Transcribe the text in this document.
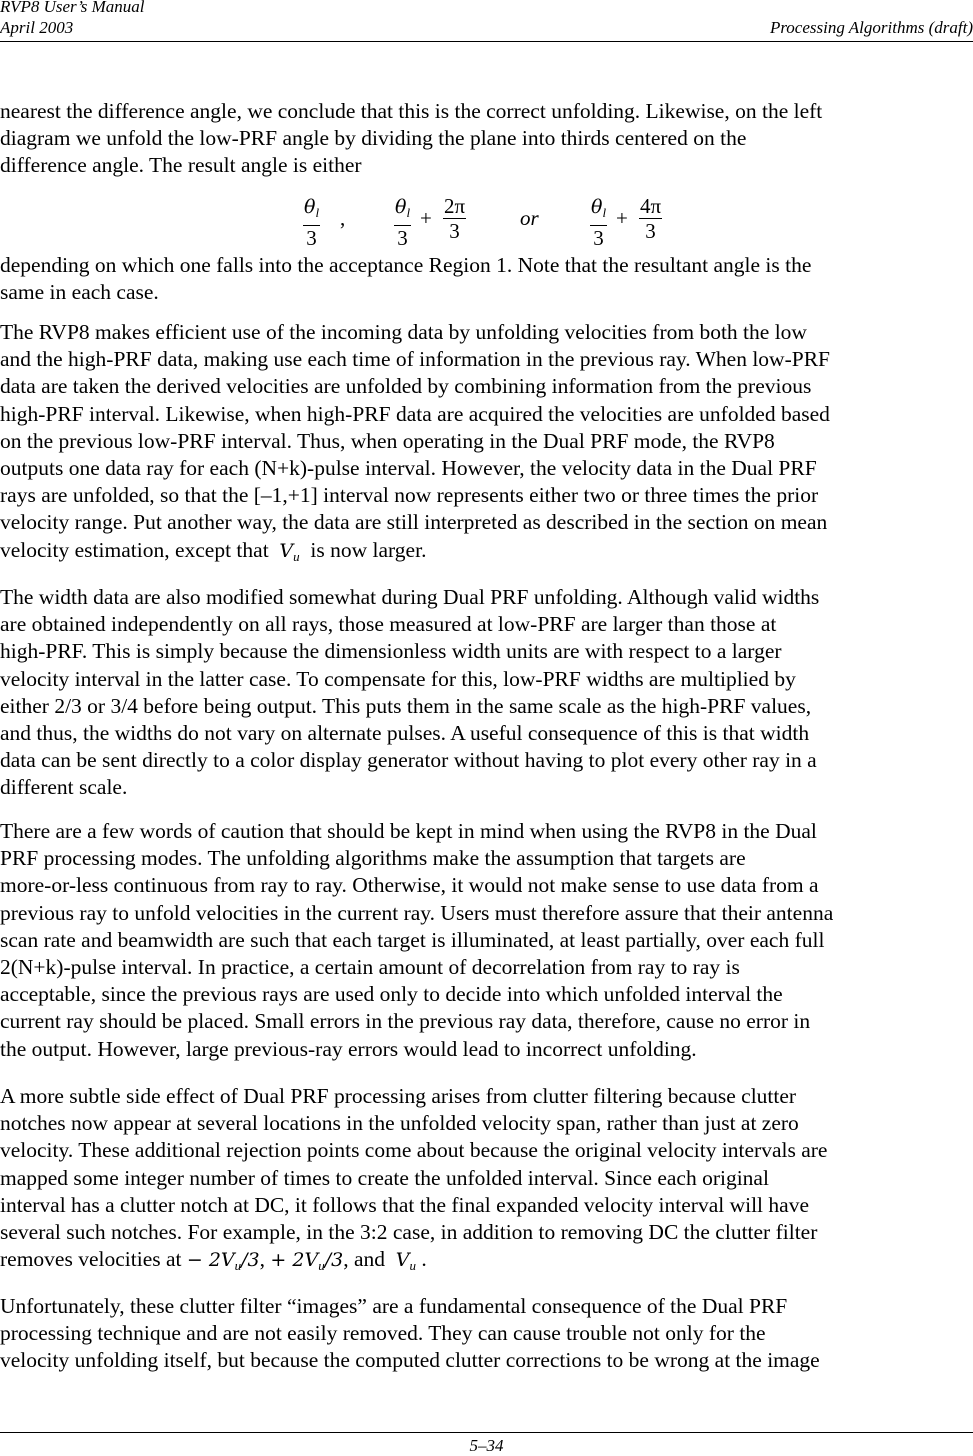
RVP8 User’s Manual
April 2003	Processing Algorithms (draft)
nearest the difference angle, we conclude that this is the correct unfolding. Likewise, on the left
diagram we unfold the low-PRF angle by dividing the plane into thirds centered on the
difference angle. The result angle is either
$\frac{\theta_l}{3}$ ,	$\frac{\theta_l}{3} + \frac{2\pi}{3}$	or	$\frac{\theta_l}{3} + \frac{4\pi}{3}$
depending on which one falls into the acceptance Region 1. Note that the resultant angle is the
same in each case.
The RVP8 makes efficient use of the incoming data by unfolding velocities from both the low
and the high-PRF data, making use each time of information in the previous ray. When low-PRF
data are taken the derived velocities are unfolded by combining information from the previous
high-PRF interval. Likewise, when high-PRF data are acquired the velocities are unfolded based
on the previous low-PRF interval. Thus, when operating in the Dual PRF mode, the RVP8
outputs one data ray for each (N+k)-pulse interval. However, the velocity data in the Dual PRF
rays are unfolded, so that the [–1,+1] interval now represents either two or three times the prior
velocity range. Put another way, the data are still interpreted as described in the section on mean
velocity estimation, except that $V_u$ is now larger.
The width data are also modified somewhat during Dual PRF unfolding. Although valid widths
are obtained independently on all rays, those measured at low-PRF are larger than those at
high-PRF. This is simply because the dimensionless width units are with respect to a larger
velocity interval in the latter case. To compensate for this, low-PRF widths are multiplied by
either 2/3 or 3/4 before being output. This puts them in the same scale as the high-PRF values,
and thus, the widths do not vary on alternate pulses. A useful consequence of this is that width
data can be sent directly to a color display generator without having to plot every other ray in a
different scale.
There are a few words of caution that should be kept in mind when using the RVP8 in the Dual
PRF processing modes. The unfolding algorithms make the assumption that targets are
more-or-less continuous from ray to ray. Otherwise, it would not make sense to use data from a
previous ray to unfold velocities in the current ray. Users must therefore assure that their antenna
scan rate and beamwidth are such that each target is illuminated, at least partially, over each full
2(N+k)-pulse interval. In practice, a certain amount of decorrelation from ray to ray is
acceptable, since the previous rays are used only to decide into which unfolded interval the
current ray should be placed. Small errors in the previous ray data, therefore, cause no error in
the output. However, large previous-ray errors would lead to incorrect unfolding.
A more subtle side effect of Dual PRF processing arises from clutter filtering because clutter
notches now appear at several locations in the unfolded velocity span, rather than just at zero
velocity. These additional rejection points come about because the original velocity intervals are
mapped some integer number of times to create the unfolded interval. Since each original
interval has a clutter notch at DC, it follows that the final expanded velocity interval will have
several such notches. For example, in the 3:2 case, in addition to removing DC the clutter filter
removes velocities at − $2V_u/3$, + $2V_u/3$, and $V_u$ .
Unfortunately, these clutter filter “images” are a fundamental consequence of the Dual PRF
processing technique and are not easily removed. They can cause trouble not only for the
velocity unfolding itself, but because the computed clutter corrections to be wrong at the image
5–34
